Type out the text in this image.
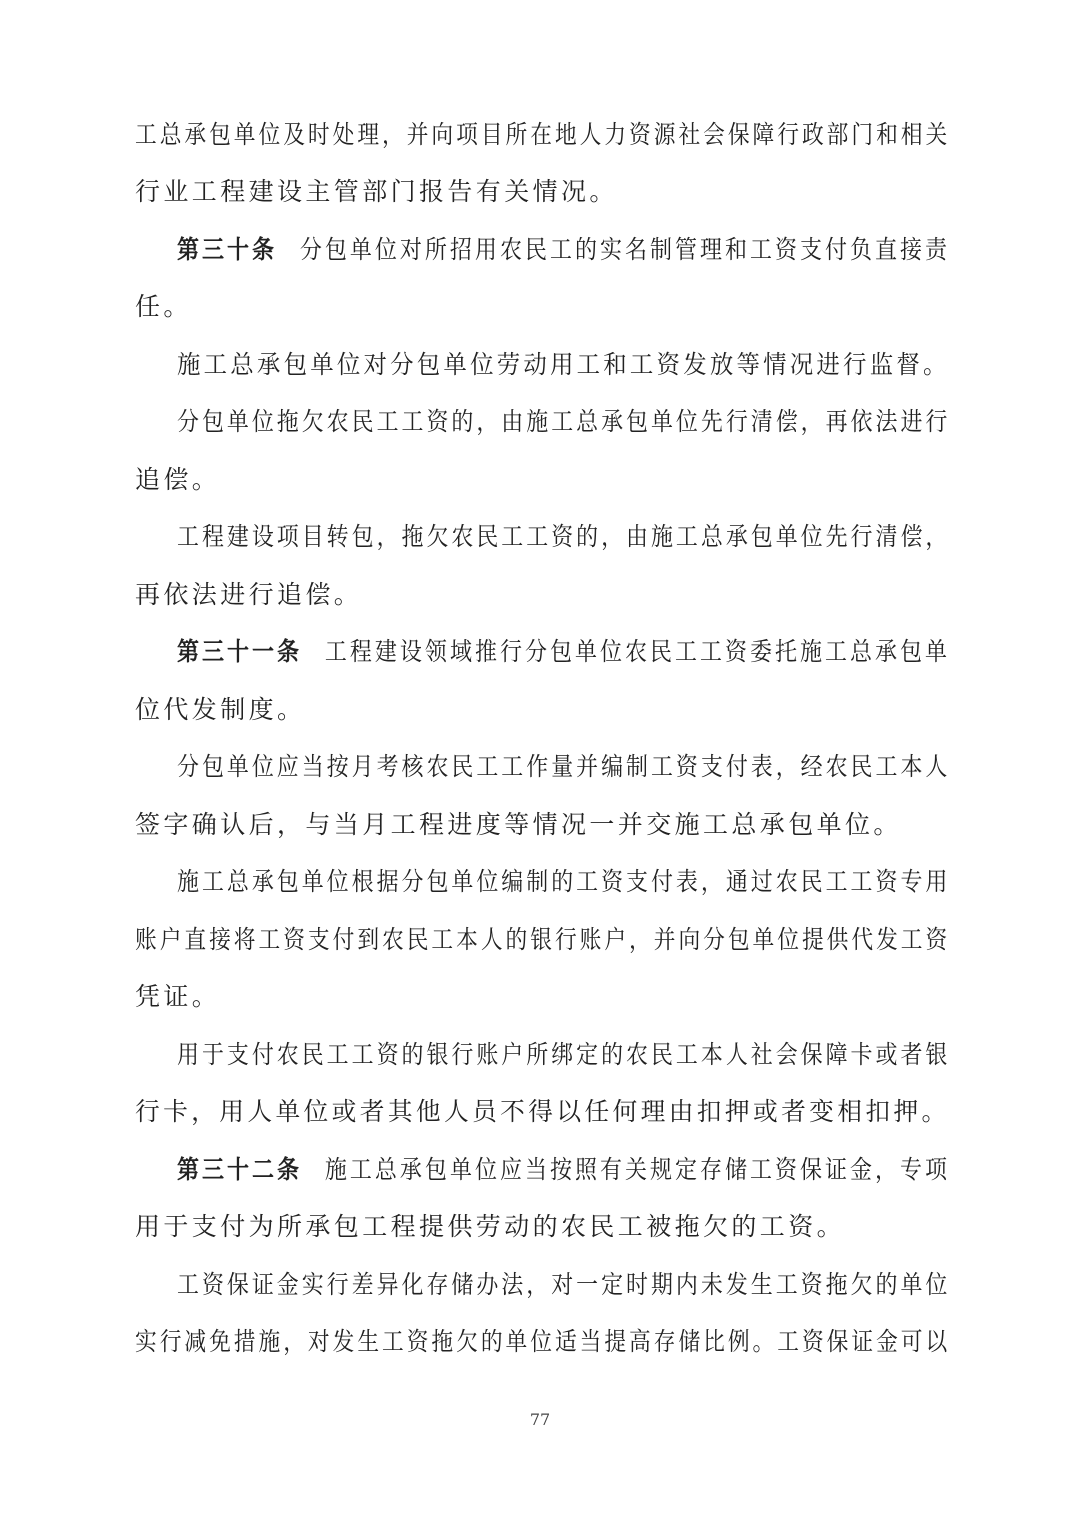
工总承包单位及时处理，并向项目所在地人力资源社会保障行政部门和相关
行业工程建设主管部门报告有关情况。
第三十条 分包单位对所招用农民工的实名制管理和工资支付负直接责
任。
施工总承包单位对分包单位劳动用工和工资发放等情况进行监督。
分包单位拖欠农民工工资的，由施工总承包单位先行清偿，再依法进行
追偿。
工程建设项目转包，拖欠农民工工资的，由施工总承包单位先行清偿，
再依法进行追偿。
第三十一条 工程建设领域推行分包单位农民工工资委托施工总承包单
位代发制度。
分包单位应当按月考核农民工工作量并编制工资支付表，经农民工本人
签字确认后，与当月工程进度等情况一并交施工总承包单位。
施工总承包单位根据分包单位编制的工资支付表，通过农民工工资专用
账户直接将工资支付到农民工本人的银行账户，并向分包单位提供代发工资
凭证。
用于支付农民工工资的银行账户所绑定的农民工本人社会保障卡或者银
行卡，用人单位或者其他人员不得以任何理由扣押或者变相扣押。
第三十二条 施工总承包单位应当按照有关规定存储工资保证金，专项
用于支付为所承包工程提供劳动的农民工被拖欠的工资。
工资保证金实行差异化存储办法，对一定时期内未发生工资拖欠的单位
实行减免措施，对发生工资拖欠的单位适当提高存储比例。工资保证金可以
77
